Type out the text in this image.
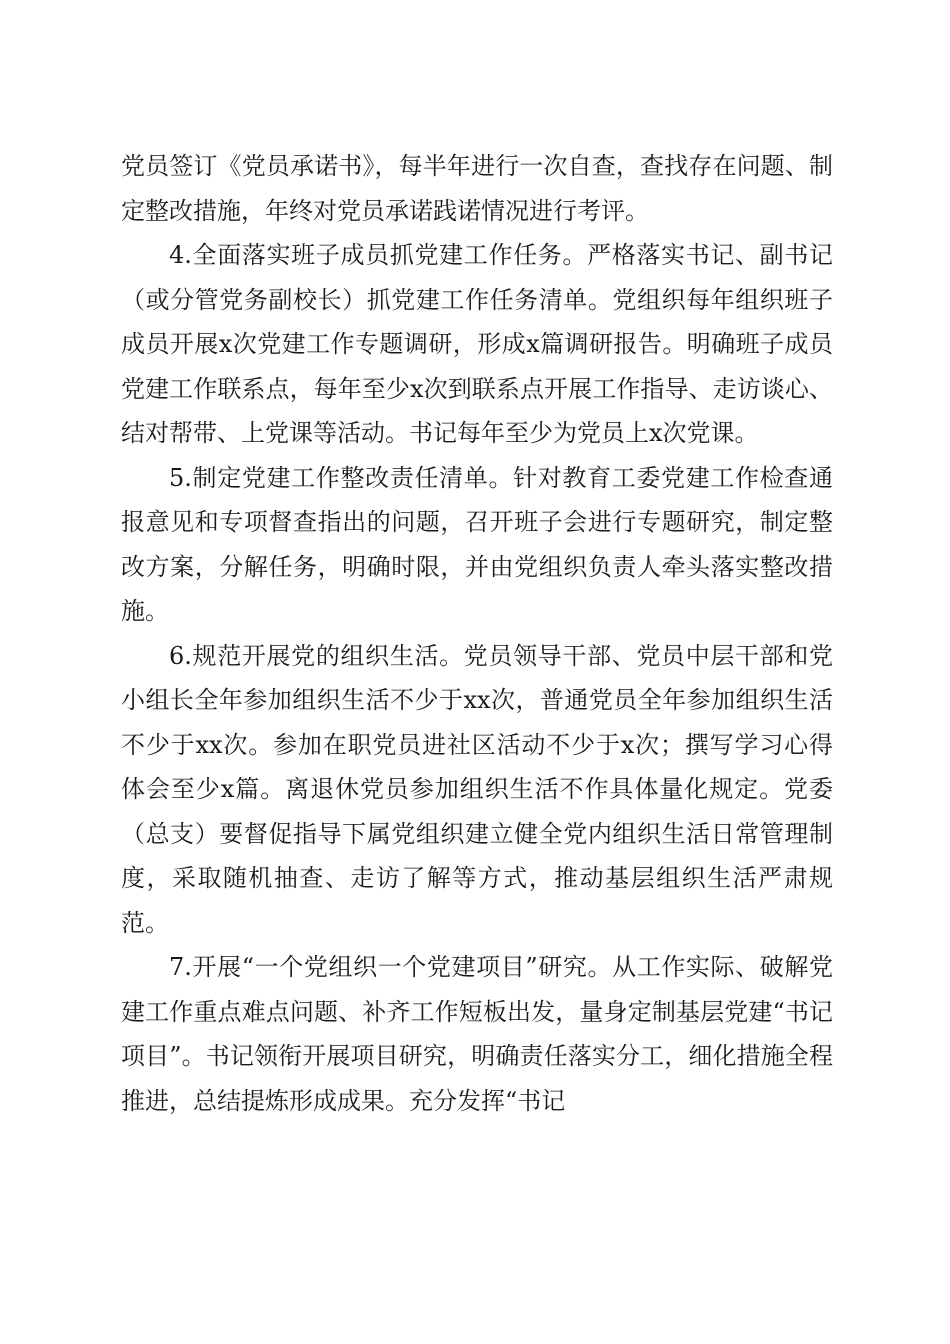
党员签订《党员承诺书》，每半年进行一次自查，查找存在问题、制定整改措施，年终对党员承诺践诺情况进行考评。

4.全面落实班子成员抓党建工作任务。严格落实书记、副书记（或分管党务副校长）抓党建工作任务清单。党组织每年组织班子成员开展x次党建工作专题调研，形成x篇调研报告。明确班子成员党建工作联系点，每年至少x次到联系点开展工作指导、走访谈心、结对帮带、上党课等活动。书记每年至少为党员上x次党课。

5.制定党建工作整改责任清单。针对教育工委党建工作检查通报意见和专项督查指出的问题，召开班子会进行专题研究，制定整改方案，分解任务，明确时限，并由党组织负责人牵头落实整改措施。

6.规范开展党的组织生活。党员领导干部、党员中层干部和党小组长全年参加组织生活不少于xx次，普通党员全年参加组织生活不少于xx次。参加在职党员进社区活动不少于x次；撰写学习心得体会至少x篇。离退休党员参加组织生活不作具体量化规定。党委（总支）要督促指导下属党组织建立健全党内组织生活日常管理制度，采取随机抽查、走访了解等方式，推动基层组织生活严肃规范。

7.开展“一个党组织一个党建项目”研究。从工作实际、破解党建工作重点难点问题、补齐工作短板出发，量身定制基层党建“书记项目”。书记领衔开展项目研究，明确责任落实分工，细化措施全程推进，总结提炼形成成果。充分发挥“书记
